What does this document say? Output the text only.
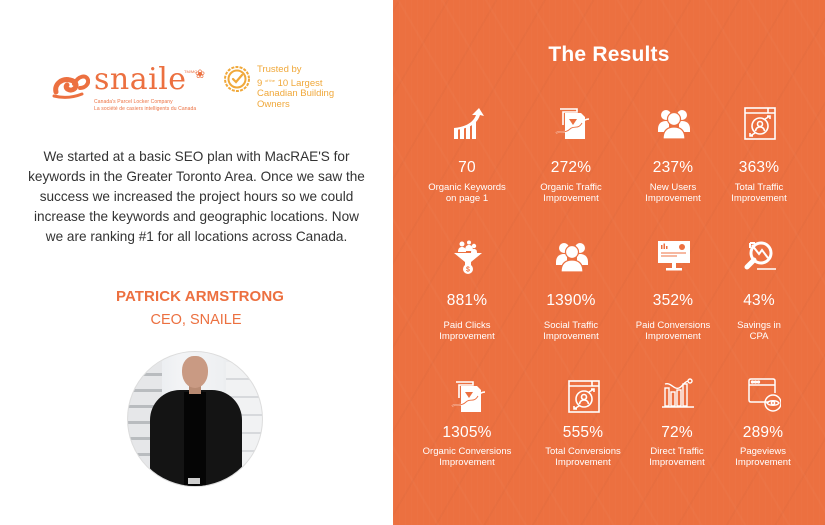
snaile
TM/MC
❀
Canada's Parcel Locker Company
La société de casiers intelligents du Canada
Trusted by
9 $^{of the}$ 10 Largest
Canadian Building
Owners

We started at a basic SEO plan with MacRAE'S for keywords in the Greater Toronto Area. Once we saw the success we increased the project hours so we could increase the keywords and geographic locations. Now we are ranking #1 for all locations across Canada.

PATRICK ARMSTRONG
CEO, SNAILE
The Results
70
Organic Keywords
on page 1
272%
Organic Traffic
Improvement
237%
New Users
Improvement
363%
Total Traffic
Improvement
$
881%
Paid Clicks
Improvement
1390%
Social Traffic
Improvement
352%
Paid Conversions
Improvement
43%
Savings in
CPA
1305%
Organic Conversions
Improvement
555%
Total Conversions
Improvement
72%
Direct Traffic
Improvement
289%
Pageviews
Improvement
